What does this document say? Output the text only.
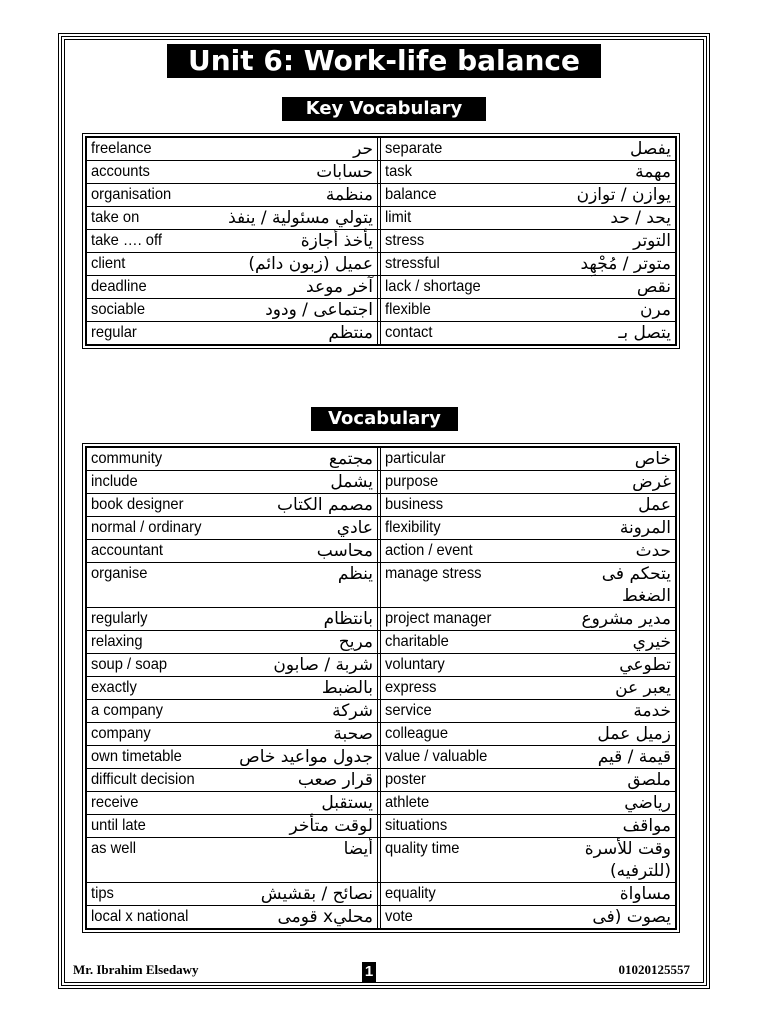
Unit 6: Work-life balance
Key Vocabulary
freelance	حر separate	يفصل
accounts	حسابات task	مهمة
organisation	منظمة balance	يوازن / توازن
take on	يتولي مسئولية / ينفذ limit	يحد / حد
take …. off	يأخذ أجازة stress	التوتر
client	عميل (زبون دائم) stressful	متوتر / مُجْهِد
deadline	آخر موعد lack / shortage	نقص
sociable	اجتماعى / ودود flexible	مرن
regular	منتظم contact	يتصل بـ
Vocabulary
community	مجتمع particular	خاص
include	يشمل purpose	غرض
book designer	مصمم الكتاب business	عمل
normal / ordinary	عادي flexibility	المرونة
accountant	محاسب action / event	حدث
organise	ينظم manage stress	يتحكم فى الضغط
regularly	بانتظام project manager	مدير مشروع
relaxing	مريح charitable	خيري
soup / soap	شربة / صابون voluntary	تطوعي
exactly	بالضبط express	يعبر عن
a company	شركة service	خدمة
company	صحبة colleague	زميل عمل
own timetable	جدول مواعيد خاص value / valuable	قيمة / قيم
difficult decision	قرار صعب poster	ملصق
receive	يستقبل athlete	رياضي
until late	لوقت متأخر situations	مواقف
as well	أيضا quality time	وقت للأسرة (للترفيه)
tips	نصائح / بقشيش equality	مساواة
local x national	محليx قومى vote	يصوت (فى
Mr. Ibrahim Elsedawy	1	01020125557
